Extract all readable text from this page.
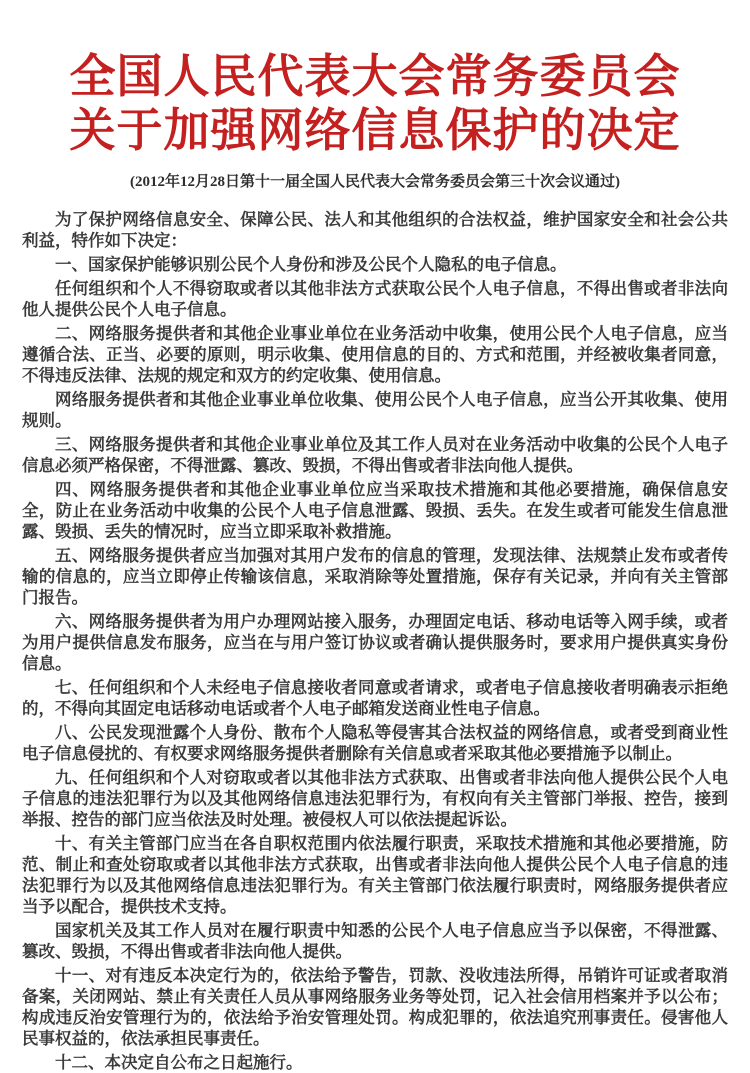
全国人民代表大会常务委员会
关于加强网络信息保护的决定
(2012年12月28日第十一届全国人民代表大会常务委员会第三十次会议通过)

为了保护网络信息安全、保障公民、法人和其他组织的合法权益，维护国家安全和社会公共利益，特作如下决定：

一、国家保护能够识别公民个人身份和涉及公民个人隐私的电子信息。

任何组织和个人不得窃取或者以其他非法方式获取公民个人电子信息，不得出售或者非法向他人提供公民个人电子信息。

二、网络服务提供者和其他企业事业单位在业务活动中收集，使用公民个人电子信息，应当遵循合法、正当、必要的原则，明示收集、使用信息的目的、方式和范围，并经被收集者同意，不得违反法律、法规的规定和双方的约定收集、使用信息。

网络服务提供者和其他企业事业单位收集、使用公民个人电子信息，应当公开其收集、使用规则。

三、网络服务提供者和其他企业事业单位及其工作人员对在业务活动中收集的公民个人电子信息必须严格保密，不得泄露、篡改、毁损，不得出售或者非法向他人提供。

四、网络服务提供者和其他企业事业单位应当采取技术措施和其他必要措施，确保信息安全，防止在业务活动中收集的公民个人电子信息泄露、毁损、丢失。在发生或者可能发生信息泄露、毁损、丢失的情况时，应当立即采取补救措施。

五、网络服务提供者应当加强对其用户发布的信息的管理，发现法律、法规禁止发布或者传输的信息的，应当立即停止传输该信息，采取消除等处置措施，保存有关记录，并向有关主管部门报告。

六、网络服务提供者为用户办理网站接入服务，办理固定电话、移动电话等入网手续，或者为用户提供信息发布服务，应当在与用户签订协议或者确认提供服务时，要求用户提供真实身份信息。

七、任何组织和个人未经电子信息接收者同意或者请求，或者电子信息接收者明确表示拒绝的，不得向其固定电话移动电话或者个人电子邮箱发送商业性电子信息。

八、公民发现泄露个人身份、散布个人隐私等侵害其合法权益的网络信息，或者受到商业性电子信息侵扰的、有权要求网络服务提供者删除有关信息或者采取其他必要措施予以制止。

九、任何组织和个人对窃取或者以其他非法方式获取、出售或者非法向他人提供公民个人电子信息的违法犯罪行为以及其他网络信息违法犯罪行为，有权向有关主管部门举报、控告，接到举报、控告的部门应当依法及时处理。被侵权人可以依法提起诉讼。

十、有关主管部门应当在各自职权范围内依法履行职责，采取技术措施和其他必要措施，防范、制止和查处窃取或者以其他非法方式获取，出售或者非法向他人提供公民个人电子信息的违法犯罪行为以及其他网络信息违法犯罪行为。有关主管部门依法履行职责时，网络服务提供者应当予以配合，提供技术支持。

国家机关及其工作人员对在履行职责中知悉的公民个人电子信息应当予以保密，不得泄露、篡改、毁损，不得出售或者非法向他人提供。

十一、对有违反本决定行为的，依法给予警告，罚款、没收违法所得，吊销许可证或者取消备案，关闭网站、禁止有关责任人员从事网络服务业务等处罚，记入社会信用档案并予以公布；构成违反治安管理行为的，依法给予治安管理处罚。构成犯罪的，依法追究刑事责任。侵害他人民事权益的，依法承担民事责任。

十二、本决定自公布之日起施行。
